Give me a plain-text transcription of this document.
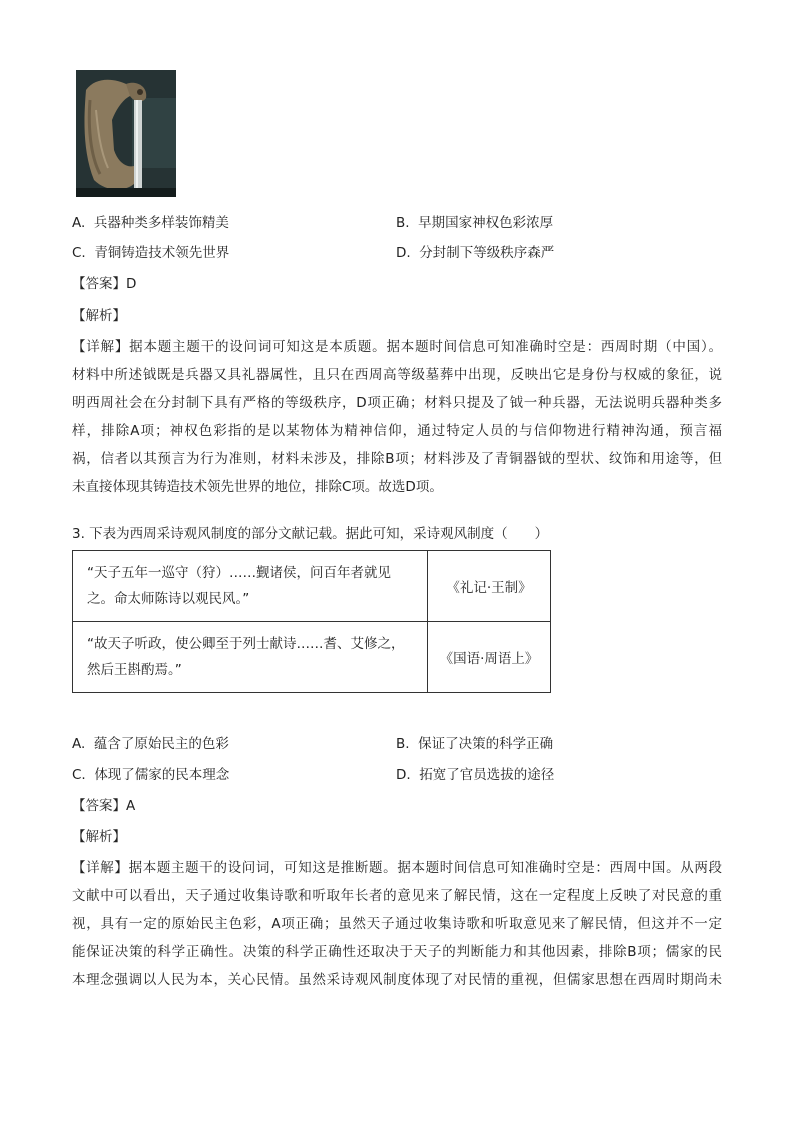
A. 兵器种类多样装饰精美	B. 早期国家神权色彩浓厚
C. 青铜铸造技术领先世界	D. 分封制下等级秩序森严
【答案】D
【解析】
【详解】据本题主题干的设问词可知这是本质题。据本题时间信息可知准确时空是：西周时期（中国）。
材料中所述钺既是兵器又具礼器属性，且只在西周高等级墓葬中出现，反映出它是身份与权威的象征，说
明西周社会在分封制下具有严格的等级秩序，D项正确；材料只提及了钺一种兵器，无法说明兵器种类多
样，排除A项；神权色彩指的是以某物体为精神信仰，通过特定人员的与信仰物进行精神沟通，预言福
祸，信者以其预言为行为准则，材料未涉及，排除B项；材料涉及了青铜器钺的型状、纹饰和用途等，但
未直接体现其铸造技术领先世界的地位，排除C项。故选D项。
3. 下表为西周采诗观风制度的部分文献记载。据此可知，采诗观风制度（　　）
“天子五年一巡守（狩）……觐诸侯，问百年者就见
之。命太师陈诗以观民风。”	《礼记·王制》

“故天子听政，使公卿至于列士献诗……耆、艾修之，
然后王斟酌焉。”	《国语·周语上》
A. 蕴含了原始民主的色彩	B. 保证了决策的科学正确
C. 体现了儒家的民本理念	D. 拓宽了官员选拔的途径
【答案】A
【解析】
【详解】据本题主题干的设问词，可知这是推断题。据本题时间信息可知准确时空是：西周中国。从两段
文献中可以看出，天子通过收集诗歌和听取年长者的意见来了解民情，这在一定程度上反映了对民意的重
视，具有一定的原始民主色彩，A项正确；虽然天子通过收集诗歌和听取意见来了解民情，但这并不一定
能保证决策的科学正确性。决策的科学正确性还取决于天子的判断能力和其他因素，排除B项；儒家的民
本理念强调以人民为本，关心民情。虽然采诗观风制度体现了对民情的重视，但儒家思想在西周时期尚未
